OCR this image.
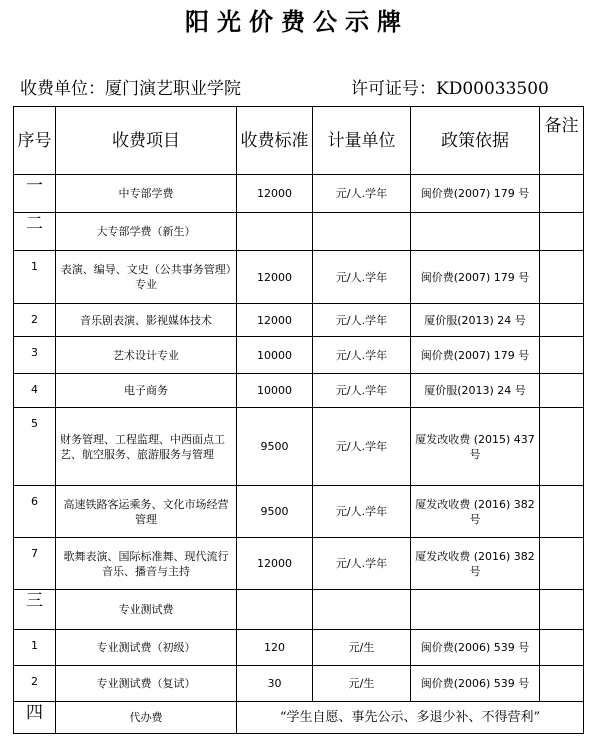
阳光价费公示牌
收费单位：厦门演艺职业学院	许可证号：KD00033500
序号	收费项目	收费标准	计量单位	政策依据	备注
一	中专部学费	12000	元/人.学年	闽价费(2007) 179 号	
二	大专部学费（新生）				
1	表演、编导、文史（公共事务管理）专业	12000	元/人.学年	闽价费(2007) 179 号	
2	音乐剧表演、影视媒体技术	12000	元/人.学年	厦价服(2013) 24 号	
3	艺术设计专业	10000	元/人.学年	闽价费(2007) 179 号	
4	电子商务	10000	元/人.学年	厦价服(2013) 24 号	
5	财务管理、工程监理、中西面点工艺、航空服务、旅游服务与管理	9500	元/人.学年	厦发改收费 (2015) 437 号	
6	高速铁路客运乘务、文化市场经营管理	9500	元/人.学年	厦发改收费 (2016) 382 号	
7	歌舞表演、国际标准舞、现代流行音乐、播音与主持	12000	元/人.学年	厦发改收费 (2016) 382 号	
三	专业测试费				
1	专业测试费（初级）	120	元/生	闽价费(2006) 539 号	
2	专业测试费（复试）	30	元/生	闽价费(2006) 539 号	
四	代办费	“学生自愿、事先公示、多退少补、不得营利”			
